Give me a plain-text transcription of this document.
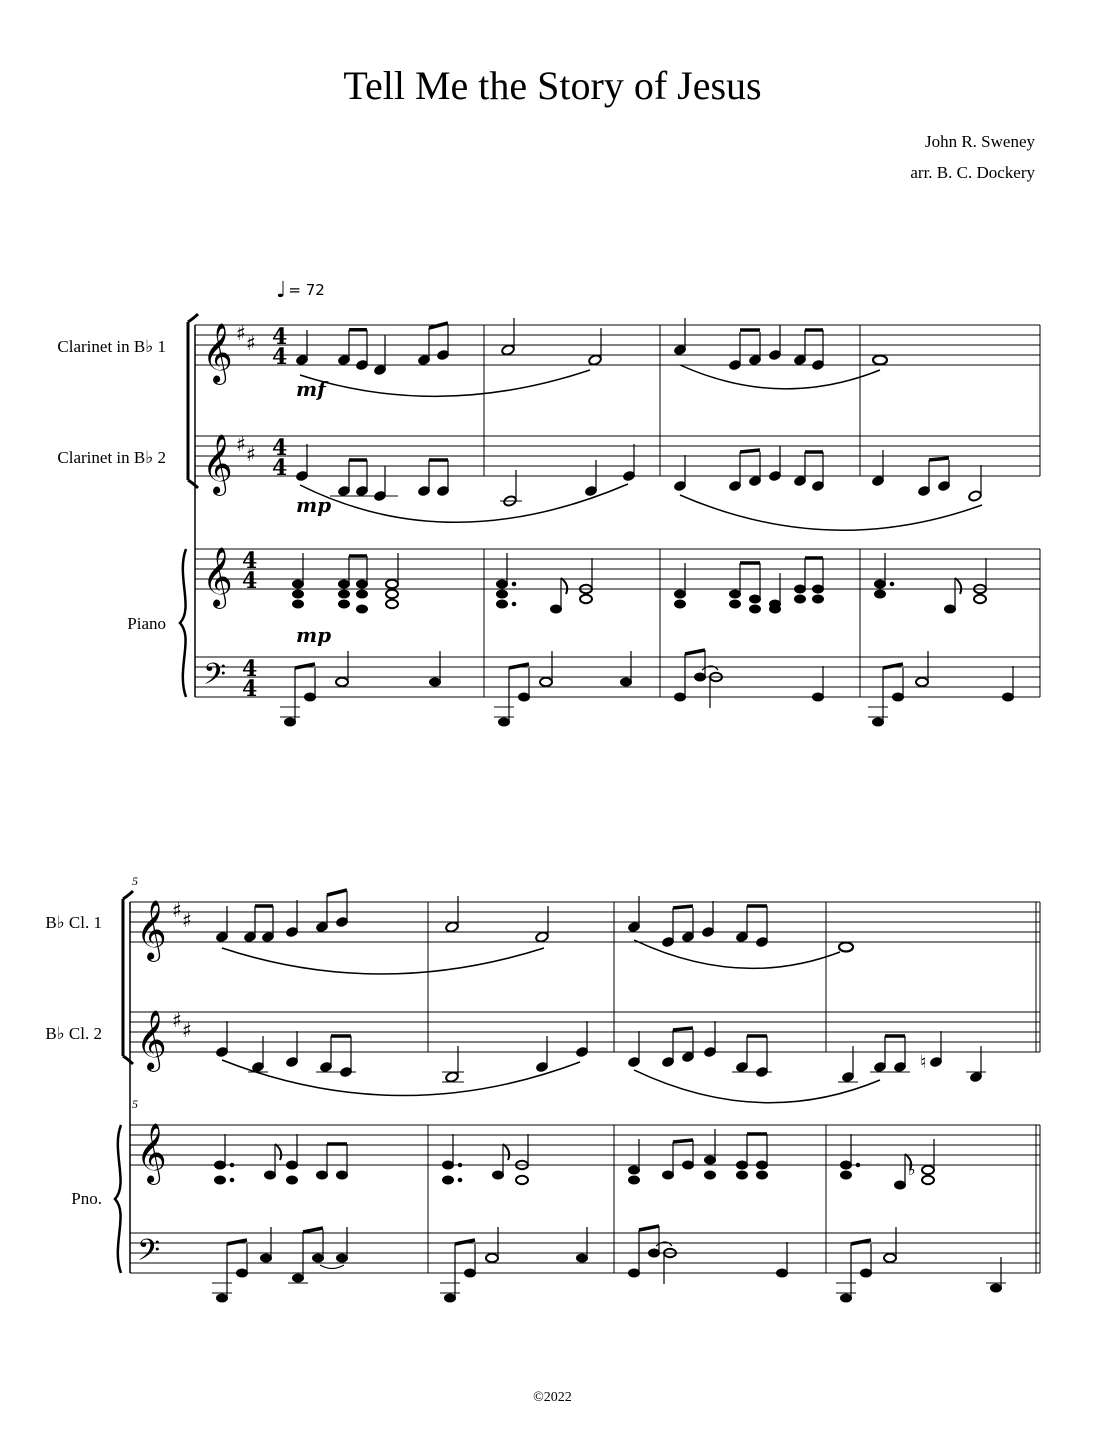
Tell Me the Story of Jesus
John R. Sweney
arr. B. C. Dockery
♩ = 72
Clarinet in B♭ 1
Clarinet in B♭ 2
Piano
B♭ Cl. 1
B♭ Cl. 2
Pno.
©2022
𝄞
𝄞
𝄞
𝄢
♯ ♯
♯ ♯
4
4
4
4
4
4
4
4
𝄞
𝄞
𝄞
𝄢
♯ ♯
♯ ♯
♮
♭
mf
mp
mp
5
5
